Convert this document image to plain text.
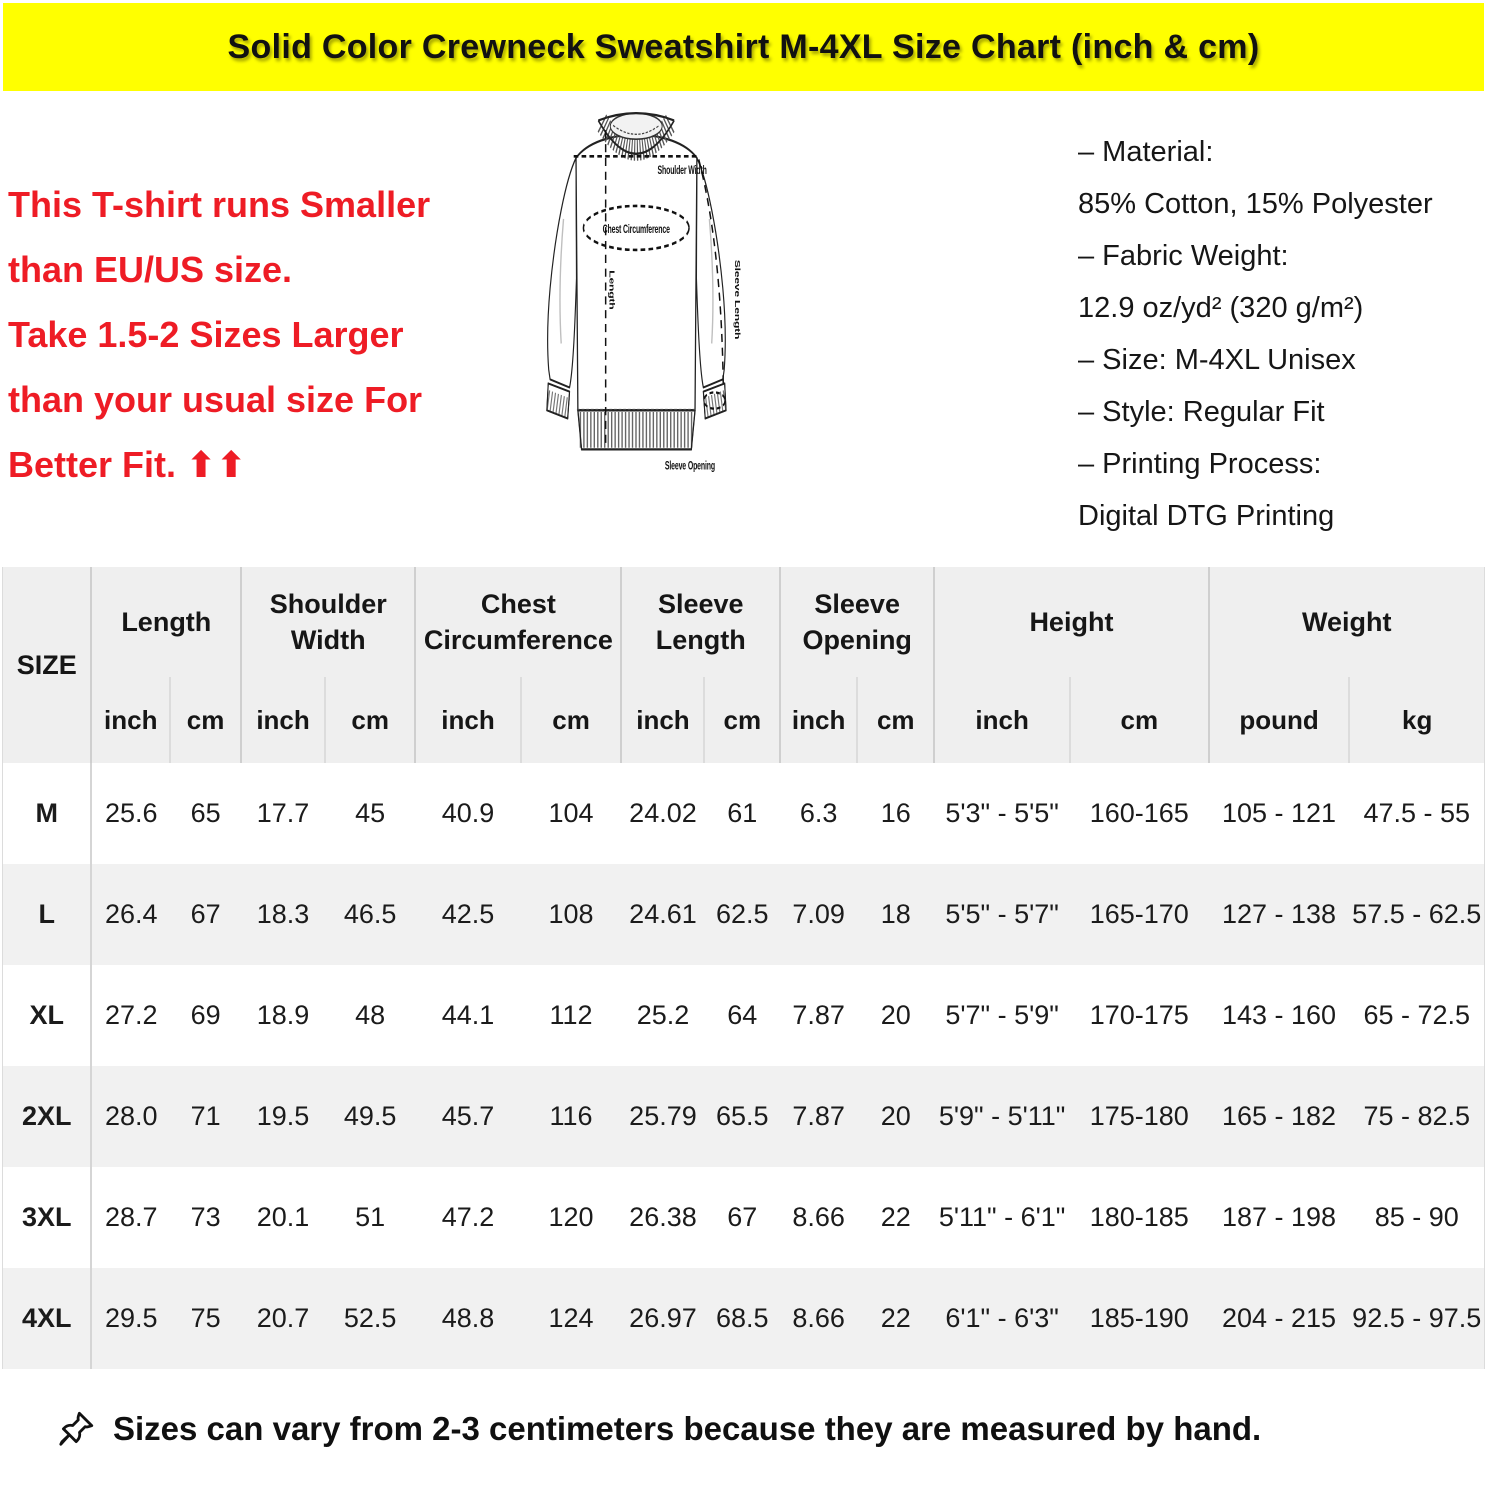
Solid Color Crewneck Sweatshirt M-4XL Size Chart (inch & cm)
This T-shirt runs Smaller
than EU/US size.
Take 1.5-2 Sizes Larger
than your usual size For
Better Fit. ⬆⬆
Shoulder Width
Chest Circumference
Length	Sleeve Length
Sleeve Opening
– Material:
85% Cotton, 15% Polyester
– Fabric Weight:
12.9 oz/yd² (320 g/m²)
– Size: M-4XL Unisex
– Style: Regular Fit
– Printing Process:
Digital DTG Printing
SIZE	Length		Shoulder Width		Chest Circumference		Sleeve Length		Sleeve Opening		Height		Weight	
	inch	cm	inch	cm	inch	cm	inch	cm	inch	cm	inch	cm	pound	kg
M	25.6	65	17.7	45	40.9	104	24.02	61	6.3	16	5'3" - 5'5"	160-165	105 - 121	47.5 - 55
L	26.4	67	18.3	46.5	42.5	108	24.61	62.5	7.09	18	5'5" - 5'7"	165-170	127 - 138	57.5 - 62.5
XL	27.2	69	18.9	48	44.1	112	25.2	64	7.87	20	5'7" - 5'9"	170-175	143 - 160	65 - 72.5
2XL	28.0	71	19.5	49.5	45.7	116	25.79	65.5	7.87	20	5'9" - 5'11"	175-180	165 - 182	75 - 82.5
3XL	28.7	73	20.1	51	47.2	120	26.38	67	8.66	22	5'11" - 6'1"	180-185	187 - 198	85 - 90
4XL	29.5	75	20.7	52.5	48.8	124	26.97	68.5	8.66	22	6'1" - 6'3"	185-190	204 - 215	92.5 - 97.5
Sizes can vary from 2-3 centimeters because they are measured by hand.
